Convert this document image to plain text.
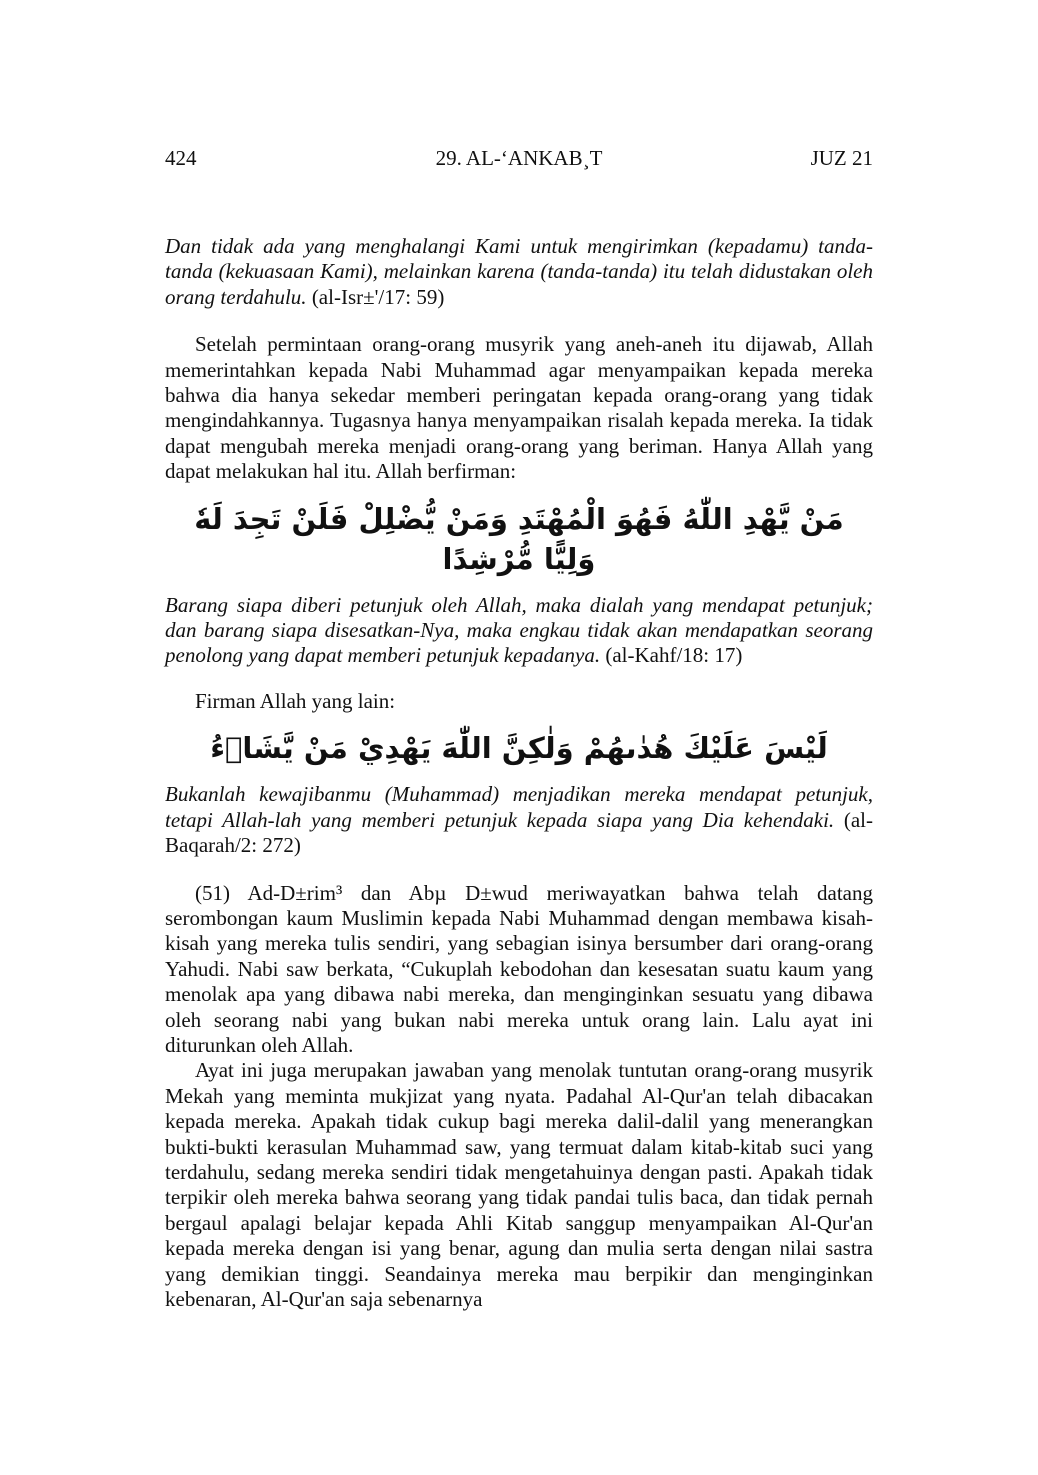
424	29. AL-‘ANKAB¸T	JUZ 21

Dan tidak ada yang menghalangi Kami untuk mengirimkan (kepadamu) tanda-tanda (kekuasaan Kami), melainkan karena (tanda-tanda) itu telah didustakan oleh orang terdahulu. (al-Isr±'/17: 59)

Setelah permintaan orang-orang musyrik yang aneh-aneh itu dijawab, Allah memerintahkan kepada Nabi Muhammad agar menyampaikan kepada mereka bahwa dia hanya sekedar memberi peringatan kepada orang-orang yang tidak mengindahkannya. Tugasnya hanya menyampaikan risalah kepada mereka. Ia tidak dapat mengubah mereka menjadi orang-orang yang beriman. Hanya Allah yang dapat melakukan hal itu. Allah berfirman:

مَنْ يَّهْدِ اللّٰهُ فَهُوَ الْمُهْتَدِ وَمَنْ يُّضْلِلْ فَلَنْ تَجِدَ لَهٗ وَلِيًّا مُّرْشِدًا

Barang siapa diberi petunjuk oleh Allah, maka dialah yang mendapat petunjuk; dan barang siapa disesatkan-Nya, maka engkau tidak akan mendapatkan seorang penolong yang dapat memberi petunjuk kepadanya. (al-Kahf/18: 17)

Firman Allah yang lain:

لَيْسَ عَلَيْكَ هُدٰىهُمْ وَلٰكِنَّ اللّٰهَ يَهْدِيْ مَنْ يَّشَاۤءُ

Bukanlah kewajibanmu (Muhammad) menjadikan mereka mendapat petunjuk, tetapi Allah-lah yang memberi petunjuk kepada siapa yang Dia kehendaki. (al-Baqarah/2: 272)

(51) Ad-D±rim³ dan Abµ D±wud meriwayatkan bahwa telah datang serombongan kaum Muslimin kepada Nabi Muhammad dengan membawa kisah-kisah yang mereka tulis sendiri, yang sebagian isinya bersumber dari orang-orang Yahudi. Nabi saw berkata, “Cukuplah kebodohan dan kesesatan suatu kaum yang menolak apa yang dibawa nabi mereka, dan menginginkan sesuatu yang dibawa oleh seorang nabi yang bukan nabi mereka untuk orang lain. Lalu ayat ini diturunkan oleh Allah.

Ayat ini juga merupakan jawaban yang menolak tuntutan orang-orang musyrik Mekah yang meminta mukjizat yang nyata. Padahal Al-Qur'an telah dibacakan kepada mereka. Apakah tidak cukup bagi mereka dalil-dalil yang menerangkan bukti-bukti kerasulan Muhammad saw, yang termuat dalam kitab-kitab suci yang terdahulu, sedang mereka sendiri tidak mengetahuinya dengan pasti. Apakah tidak terpikir oleh mereka bahwa seorang yang tidak pandai tulis baca, dan tidak pernah bergaul apalagi belajar kepada Ahli Kitab sanggup menyampaikan Al-Qur'an kepada mereka dengan isi yang benar, agung dan mulia serta dengan nilai sastra yang demikian tinggi. Seandainya mereka mau berpikir dan menginginkan kebenaran, Al-Qur'an saja sebenarnya
